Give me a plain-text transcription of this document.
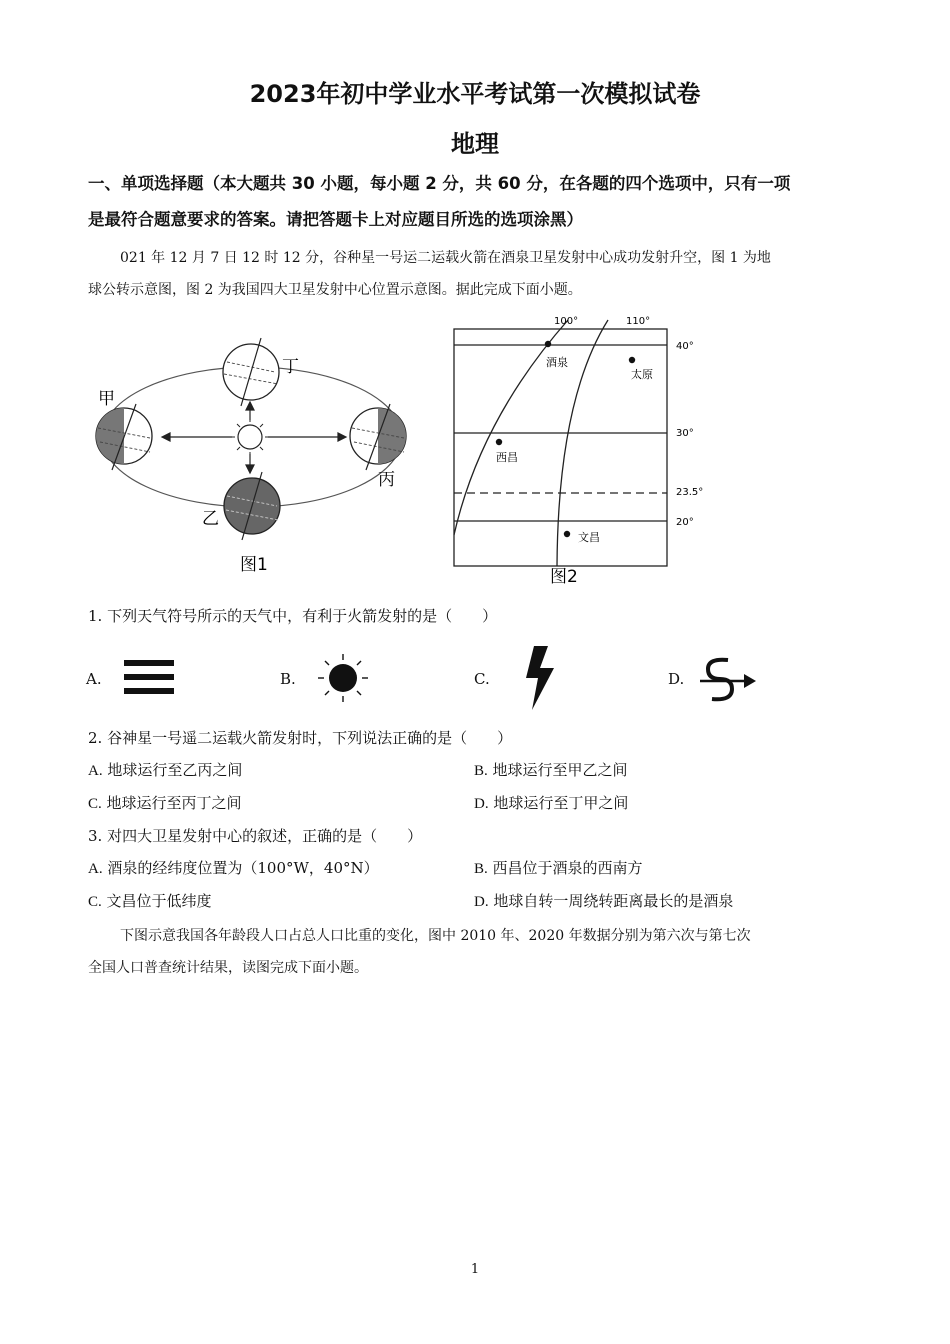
2023年初中学业水平考试第一次模拟试卷
地理
一、单项选择题（本大题共 30 小题，每小题 2 分，共 60 分，在各题的四个选项中，只有一项
是最符合题意要求的答案。请把答题卡上对应题目所选的选项涂黑）
021 年 12 月 7 日 12 时 12 分，谷种星一号运二运载火箭在酒泉卫星发射中心成功发射升空，图 1 为地
球公转示意图，图 2 为我国四大卫星发射中心位置示意图。据此完成下面小题。
丁
甲
丙
乙
图1
100°	110°
40°
30°
23.5°
20°
酒泉
太原
西昌
文昌
图2
1. 下列天气符号所示的天气中，有利于火箭发射的是（　　）
A.	B.	C.	D.
2. 谷神星一号遥二运载火箭发射时，下列说法正确的是（　　）
A. 地球运行至乙丙之间	B. 地球运行至甲乙之间
C. 地球运行至丙丁之间	D. 地球运行至丁甲之间
3. 对四大卫星发射中心的叙述，正确的是（　　）
A. 酒泉的经纬度位置为（100°W，40°N）	B. 西昌位于酒泉的西南方
C. 文昌位于低纬度	D. 地球自转一周绕转距离最长的是酒泉
下图示意我国各年龄段人口占总人口比重的变化，图中 2010 年、2020 年数据分别为第六次与第七次
全国人口普查统计结果，读图完成下面小题。
1
